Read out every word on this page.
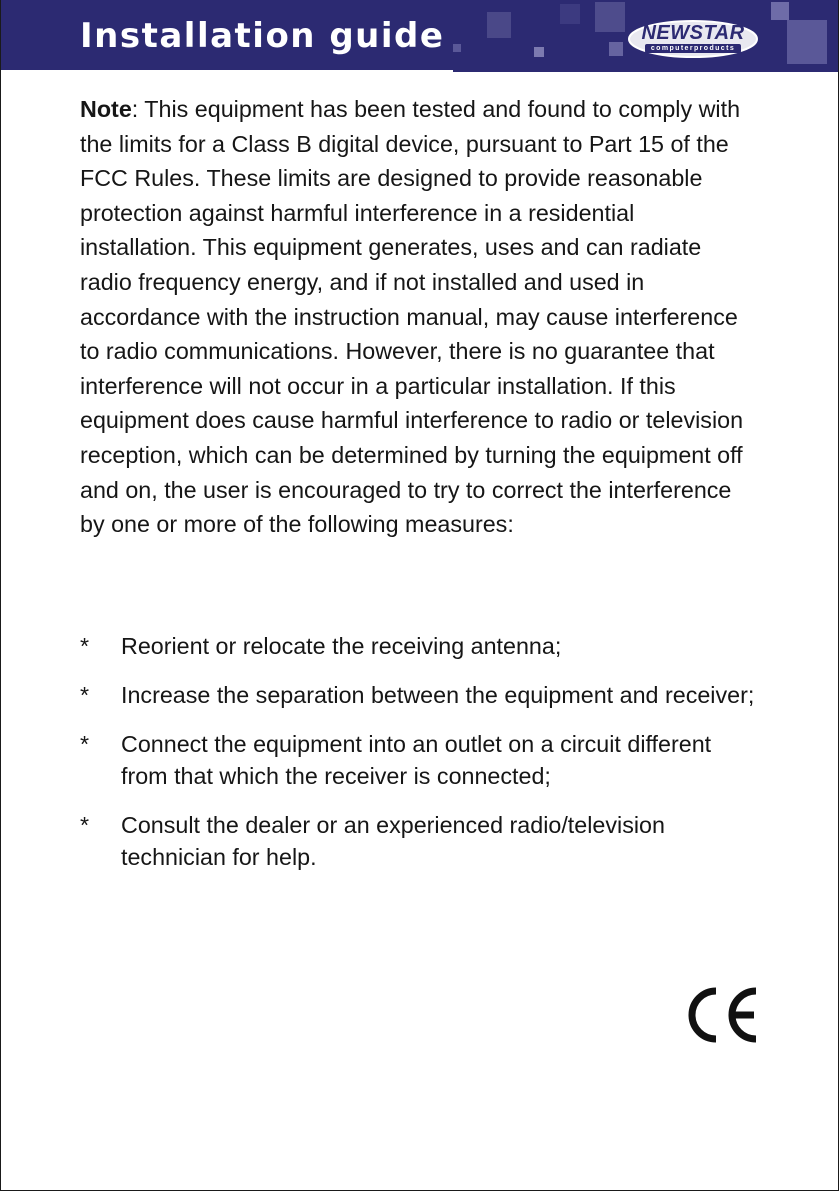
Installation guide	NEWSTAR
computerproducts

Note: This equipment has been tested and found to comply with the limits for a Class B digital device, pursuant to Part 15 of the FCC Rules. These limits are designed to provide reasonable protection against harmful interference in a residential installation. This equipment generates, uses and can radiate radio frequency energy, and if not installed and used in accordance with the instruction manual, may cause interference to radio communications. However, there is no guarantee that interference will not occur in a particular installation. If this equipment does cause harmful interference to radio or television reception, which can be determined by turning the equipment off and on, the user is encouraged to try to correct the interference by one or more of the following measures:

*	Reorient or relocate the receiving antenna;
*	Increase the separation between the equipment and receiver;
*	Connect the equipment into an outlet on a circuit different from that which the receiver is connected;
*	Consult the dealer or an experienced radio/television technician for help.
